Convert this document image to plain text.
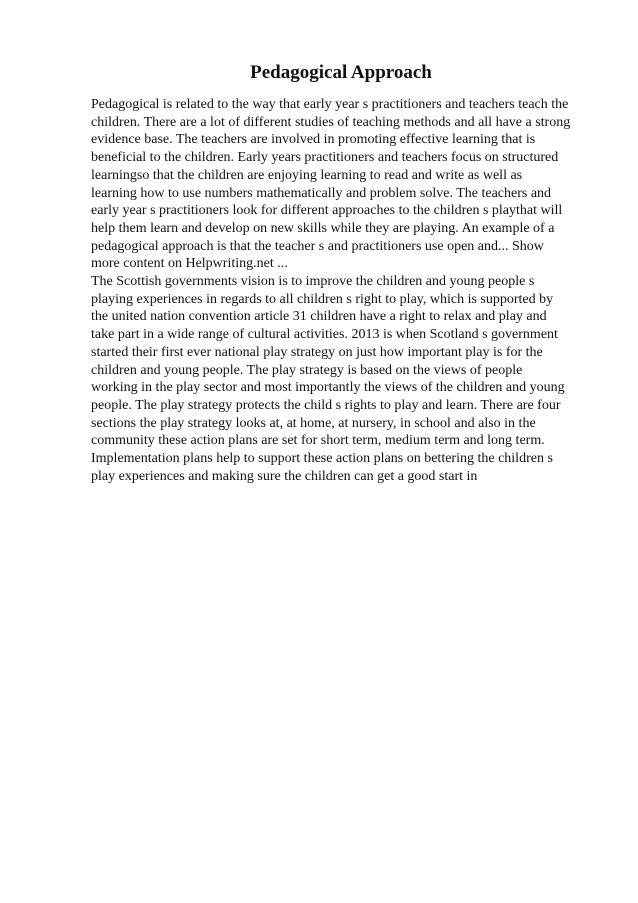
Pedagogical Approach

Pedagogical is related to the way that early year s practitioners and teachers teach the
children. There are a lot of different studies of teaching methods and all have a strong
evidence base. The teachers are involved in promoting effective learning that is
beneficial to the children. Early years practitioners and teachers focus on structured
learningso that the children are enjoying learning to read and write as well as
learning how to use numbers mathematically and problem solve. The teachers and
early year s practitioners look for different approaches to the children s playthat will
help them learn and develop on new skills while they are playing. An example of a
pedagogical approach is that the teacher s and practitioners use open and... Show
more content on Helpwriting.net ...

The Scottish governments vision is to improve the children and young people s
playing experiences in regards to all children s right to play, which is supported by
the united nation convention article 31 children have a right to relax and play and
take part in a wide range of cultural activities. 2013 is when Scotland s government
started their first ever national play strategy on just how important play is for the
children and young people. The play strategy is based on the views of people
working in the play sector and most importantly the views of the children and young
people. The play strategy protects the child s rights to play and learn. There are four
sections the play strategy looks at, at home, at nursery, in school and also in the
community these action plans are set for short term, medium term and long term.
Implementation plans help to support these action plans on bettering the children s
play experiences and making sure the children can get a good start in
